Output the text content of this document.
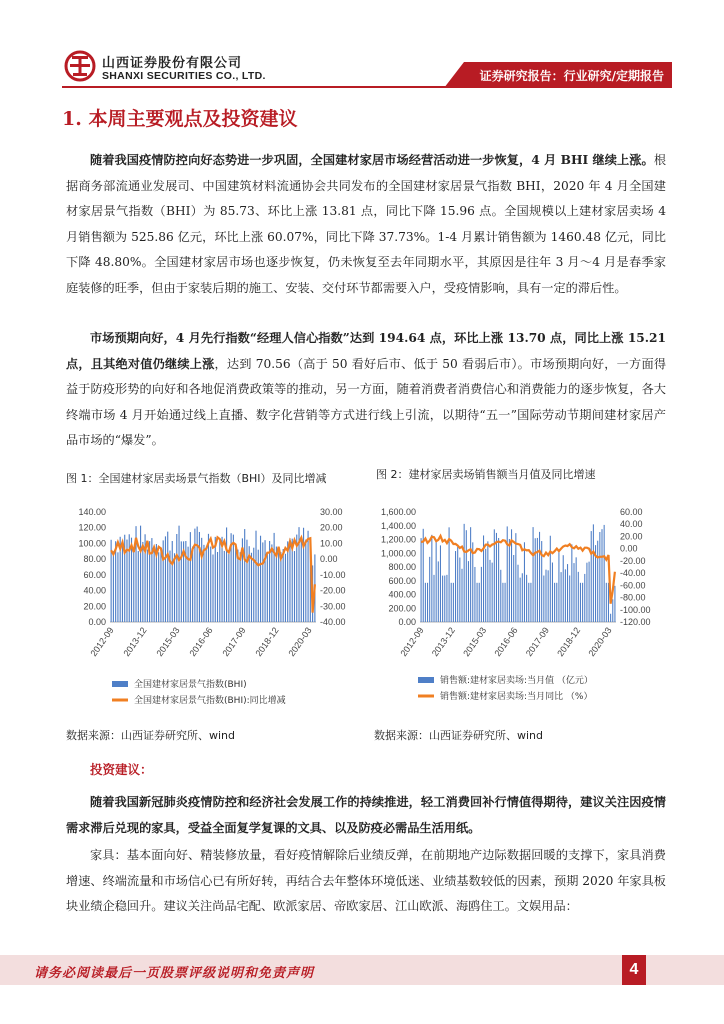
山西证券股份有限公司
SHANXI SECURITIES CO., LTD.	证券研究报告：行业研究/定期报告
1. 本周主要观点及投资建议
随着我国疫情防控向好态势进一步巩固，全国建材家居市场经营活动进一步恢复，4 月 BHI 继续上涨。根据商务部流通业发展司、中国建筑材料流通协会共同发布的全国建材家居景气指数 BHI，2020 年 4 月全国建材家居景气指数（BHI）为 85.73、环比上涨 13.81 点，同比下降 15.96 点。全国规模以上建材家居卖场 4 月销售额为 525.86 亿元，环比上涨 60.07%，同比下降 37.73%。1-4 月累计销售额为 1460.48 亿元，同比下降 48.80%。全国建材家居市场也逐步恢复，仍未恢复至去年同期水平，其原因是往年 3 月～4 月是春季家庭装修的旺季，但由于家装后期的施工、安装、交付环节都需要入户，受疫情影响，具有一定的滞后性。
市场预期向好，4 月先行指数“经理人信心指数”达到 194.64 点，环比上涨 13.70 点，同比上涨 15.21 点，且其绝对值仍继续上涨，达到 70.56（高于 50 看好后市、低于 50 看弱后市）。市场预期向好，一方面得益于防疫形势的向好和各地促消费政策等的推动，另一方面，随着消费者消费信心和消费能力的逐步恢复，各大终端市场 4 月开始通过线上直播、数字化营销等方式进行线上引流，以期待“五一”国际劳动节期间建材家居产品市场的“爆发”。
图 1：全国建材家居卖场景气指数（BHI）及同比增减	图 2：建材家居卖场销售额当月值及同比增速
140.00
120.00
100.00
80.00
60.00
40.00
20.00
0.00
30.00
20.00
10.00
0.00
-10.00
-20.00
-30.00
-40.00
2012-09 2013-12 2015-03 2016-06 2017-09 2018-12 2020-03
全国建材家居景气指数(BHI)
全国建材家居景气指数(BHI):同比增减
1,600.00
1,400.00
1,200.00
1,000.00
800.00
600.00
400.00
200.00
0.00
60.00
40.00
20.00
0.00
-20.00
-40.00
-60.00
-80.00
-100.00
-120.00
2012-09 2013-12 2015-03 2016-06 2017-09 2018-12 2020-03
销售额:建材家居卖场:当月值 （亿元）
销售额:建材家居卖场:当月同比 （%）
数据来源：山西证券研究所、wind	数据来源：山西证券研究所、wind
投资建议：
随着我国新冠肺炎疫情防控和经济社会发展工作的持续推进，轻工消费回补行情值得期待，建议关注因疫情需求滞后兑现的家具，受益全面复学复课的文具、以及防疫必需品生活用纸。
家具：基本面向好、精装修放量，看好疫情解除后业绩反弹，在前期地产边际数据回暖的支撑下，家具消费增速、终端流量和市场信心已有所好转，再结合去年整体环境低迷、业绩基数较低的因素，预期 2020 年家具板块业绩企稳回升。建议关注尚品宅配、欧派家居、帝欧家居、江山欧派、海鸥住工。文娱用品：
请务必阅读最后一页股票评级说明和免责声明	4
